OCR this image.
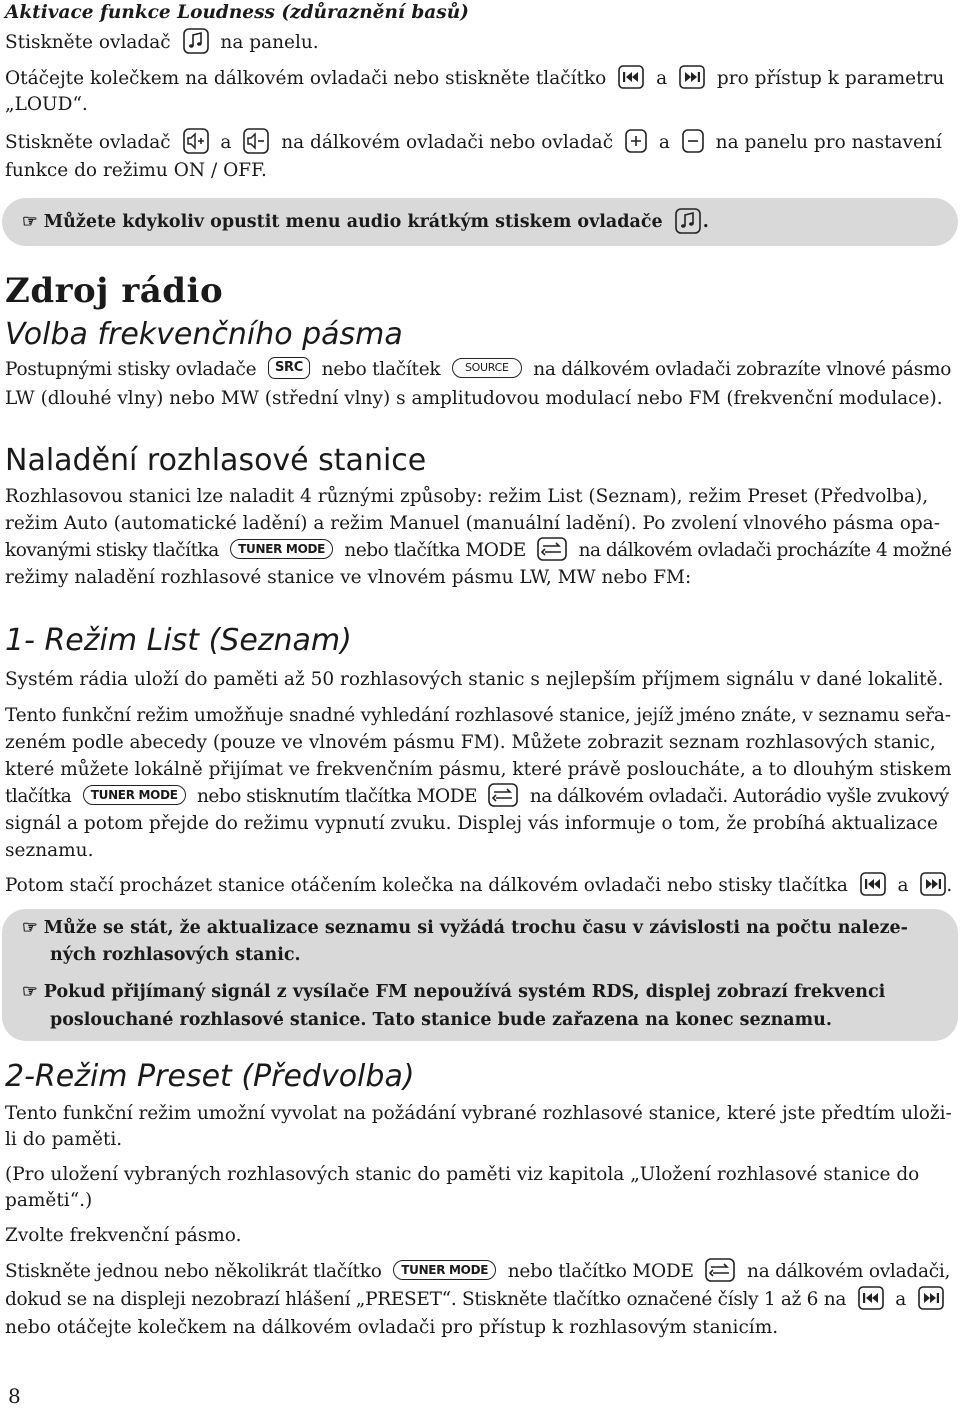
Aktivace funkce Loudness (zdůraznění basů)
Stiskněte ovladač	na panelu.
Otáčejte kolečkem na dálkovém ovladači nebo stiskněte tlačítko	a	pro přístup k parametru
„LOUD“.
Stiskněte ovladač	a	na dálkovém ovladači nebo ovladač a na panelu pro nastavení
funkce do režimu ON / OFF.
☞ Můžete kdykoliv opustit menu audio krátkým stiskem ovladače .
Zdroj rádio
Volba frekvenčního pásma
Postupnými stisky ovladače SRC nebo tlačítek SOURCE na dálkovém ovladači zobrazíte vlnové pásmo
LW (dlouhé vlny) nebo MW (střední vlny) s amplitudovou modulací nebo FM (frekvenční modulace).
Naladění rozhlasové stanice
Rozhlasovou stanici lze naladit 4 různými způsoby: režim List (Seznam), režim Preset (Předvolba),
režim Auto (automatické ladění) a režim Manuel (manuální ladění). Po zvolení vlnového pásma opa-
kovanými stisky tlačítka TUNER MODE nebo tlačítka MODE	na dálkovém ovladači procházíte 4 možné
režimy naladění rozhlasové stanice ve vlnovém pásmu LW, MW nebo FM:
1- Režim List (Seznam)
Systém rádia uloží do paměti až 50 rozhlasových stanic s nejlepším příjmem signálu v dané lokalitě.
Tento funkční režim umožňuje snadné vyhledání rozhlasové stanice, jejíž jméno znáte, v seznamu seřa-
zeném podle abecedy (pouze ve vlnovém pásmu FM). Můžete zobrazit seznam rozhlasových stanic,
které můžete lokálně přijímat ve frekvenčním pásmu, které právě posloucháte, a to dlouhým stiskem
tlačítka TUNER MODE nebo stisknutím tlačítka MODE	na dálkovém ovladači. Autorádio vyšle zvukový
signál a potom přejde do režimu vypnutí zvuku. Displej vás informuje o tom, že probíhá aktualizace
seznamu.
Potom stačí procházet stanice otáčením kolečka na dálkovém ovladači nebo stisky tlačítka	a .
☞ Může se stát, že aktualizace seznamu si vyžádá trochu času v závislosti na počtu naleze-
ných rozhlasových stanic.
☞ Pokud přijímaný signál z vysílače FM nepoužívá systém RDS, displej zobrazí frekvenci
poslouchané rozhlasové stanice. Tato stanice bude zařazena na konec seznamu.
2-Režim Preset (Předvolba)
Tento funkční režim umožní vyvolat na požádání vybrané rozhlasové stanice, které jste předtím uloži-
li do paměti.
(Pro uložení vybraných rozhlasových stanic do paměti viz kapitola „Uložení rozhlasové stanice do
paměti“.)
Zvolte frekvenční pásmo.
Stiskněte jednou nebo několikrát tlačítko TUNER MODE nebo tlačítko MODE	na dálkovém ovladači,
dokud se na displeji nezobrazí hlášení „PRESET“. Stiskněte tlačítko označené čísly 1 až 6 na	a
nebo otáčejte kolečkem na dálkovém ovladači pro přístup k rozhlasovým stanicím.
8
